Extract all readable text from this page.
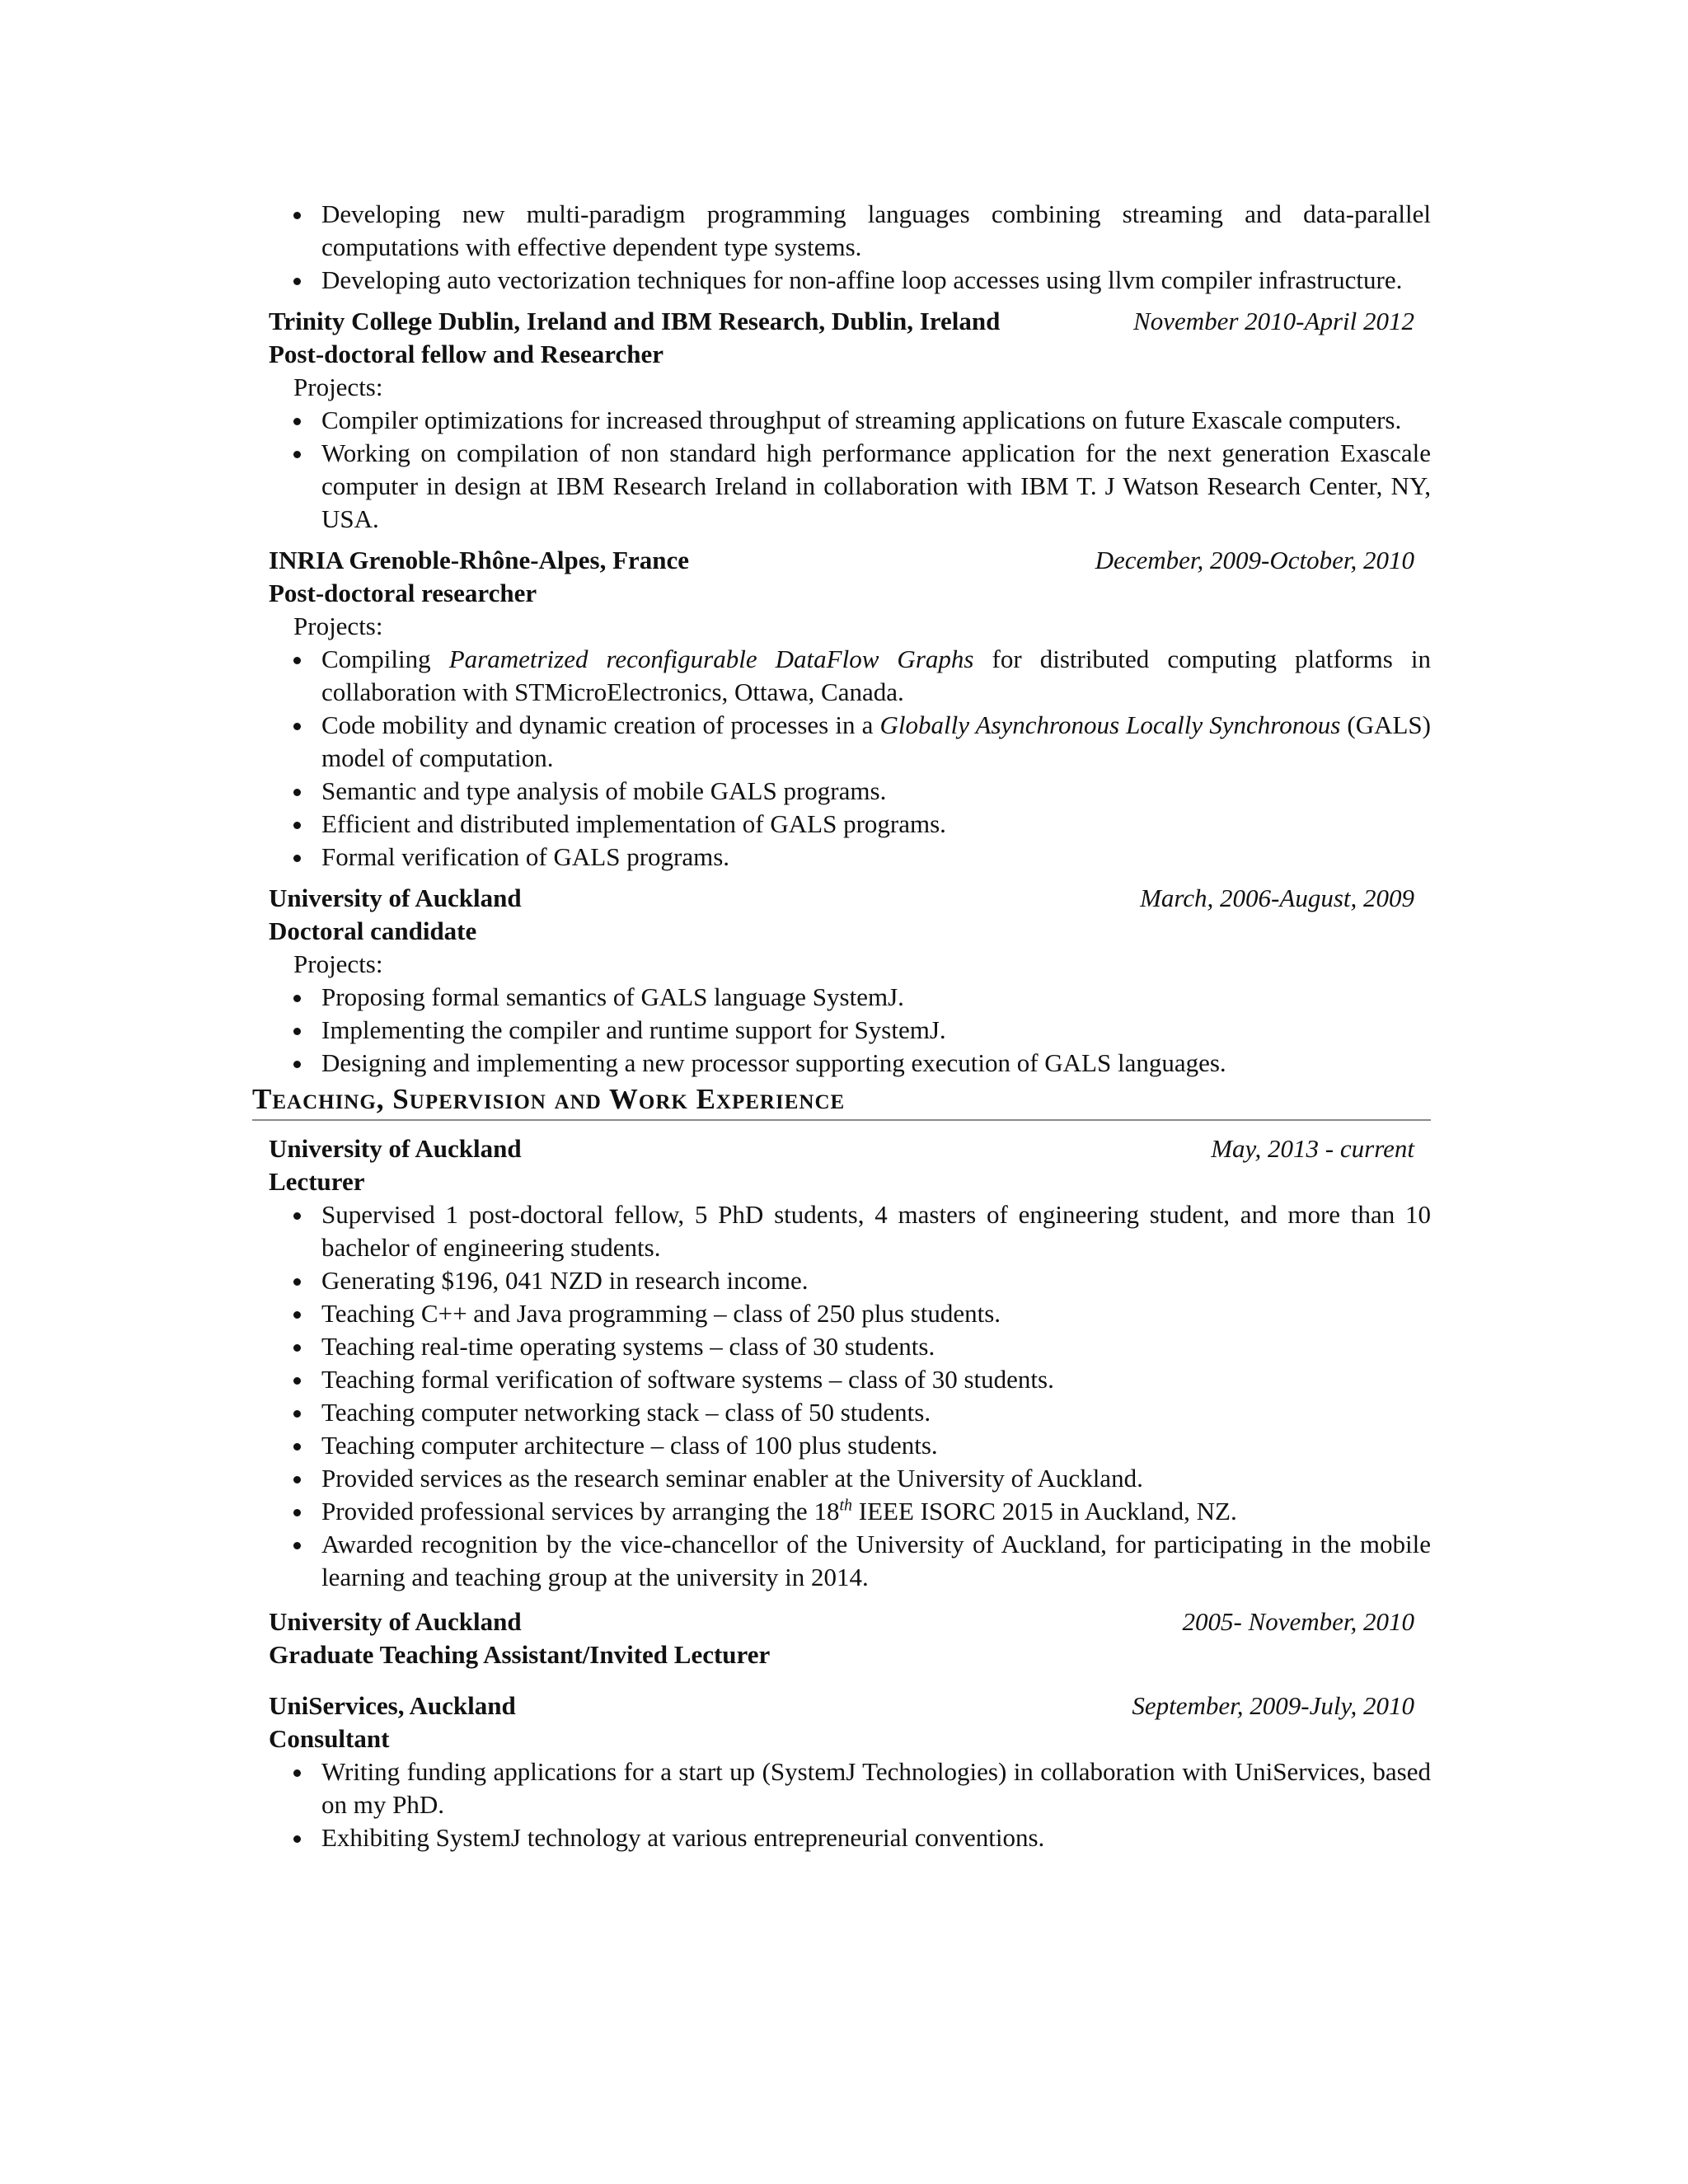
Developing new multi-paradigm programming languages combining streaming and data-parallel computations with effective dependent type systems.
Developing auto vectorization techniques for non-affine loop accesses using llvm compiler infrastructure.
Trinity College Dublin, Ireland and IBM Research, Dublin, Ireland	November 2010-April 2012
Post-doctoral fellow and Researcher
Projects:
Compiler optimizations for increased throughput of streaming applications on future Exascale computers.
Working on compilation of non standard high performance application for the next generation Exascale computer in design at IBM Research Ireland in collaboration with IBM T. J Watson Research Center, NY, USA.
INRIA Grenoble-Rhône-Alpes, France	December, 2009-October, 2010
Post-doctoral researcher
Projects:
Compiling Parametrized reconfigurable DataFlow Graphs for distributed computing platforms in collaboration with STMicroElectronics, Ottawa, Canada.
Code mobility and dynamic creation of processes in a Globally Asynchronous Locally Synchronous (GALS) model of computation.
Semantic and type analysis of mobile GALS programs.
Efficient and distributed implementation of GALS programs.
Formal verification of GALS programs.
University of Auckland	March, 2006-August, 2009
Doctoral candidate
Projects:
Proposing formal semantics of GALS language SystemJ.
Implementing the compiler and runtime support for SystemJ.
Designing and implementing a new processor supporting execution of GALS languages.
Teaching, Supervision and Work Experience
University of Auckland	May, 2013 - current
Lecturer
Supervised 1 post-doctoral fellow, 5 PhD students, 4 masters of engineering student, and more than 10 bachelor of engineering students.
Generating $196, 041 NZD in research income.
Teaching C++ and Java programming – class of 250 plus students.
Teaching real-time operating systems – class of 30 students.
Teaching formal verification of software systems – class of 30 students.
Teaching computer networking stack – class of 50 students.
Teaching computer architecture – class of 100 plus students.
Provided services as the research seminar enabler at the University of Auckland.
Provided professional services by arranging the 18th IEEE ISORC 2015 in Auckland, NZ.
Awarded recognition by the vice-chancellor of the University of Auckland, for participating in the mobile learning and teaching group at the university in 2014.
University of Auckland	2005- November, 2010
Graduate Teaching Assistant/Invited Lecturer
UniServices, Auckland	September, 2009-July, 2010
Consultant
Writing funding applications for a start up (SystemJ Technologies) in collaboration with UniServices, based on my PhD.
Exhibiting SystemJ technology at various entrepreneurial conventions.
